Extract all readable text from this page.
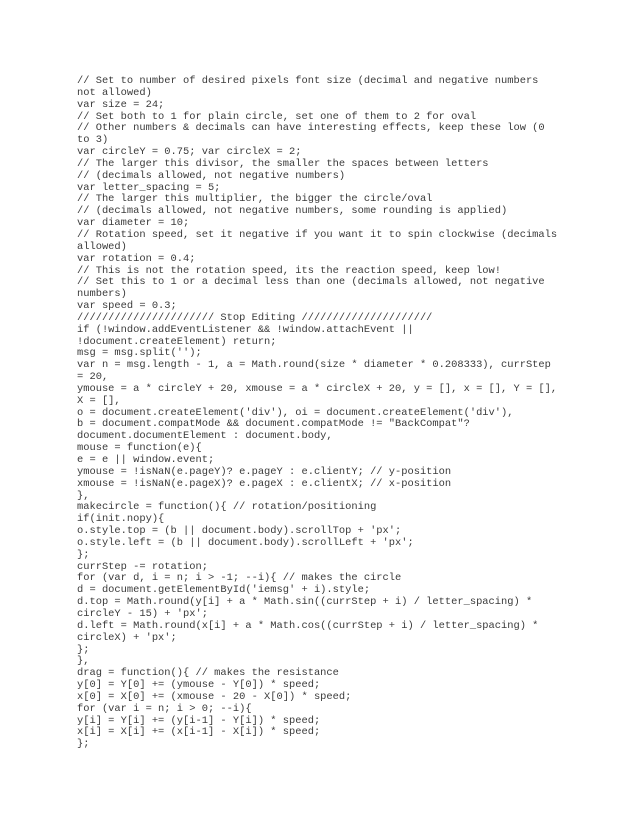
// Set to number of desired pixels font size (decimal and negative numbers
not allowed)
var size = 24;
// Set both to 1 for plain circle, set one of them to 2 for oval
// Other numbers & decimals can have interesting effects, keep these low (0
to 3)
var circleY = 0.75; var circleX = 2;
// The larger this divisor, the smaller the spaces between letters
// (decimals allowed, not negative numbers)
var letter_spacing = 5;
// The larger this multiplier, the bigger the circle/oval
// (decimals allowed, not negative numbers, some rounding is applied)
var diameter = 10;
// Rotation speed, set it negative if you want it to spin clockwise (decimals
allowed)
var rotation = 0.4;
// This is not the rotation speed, its the reaction speed, keep low!
// Set this to 1 or a decimal less than one (decimals allowed, not negative
numbers)
var speed = 0.3;
////////////////////// Stop Editing /////////////////////
if (!window.addEventListener && !window.attachEvent ||
!document.createElement) return;
msg = msg.split('');
var n = msg.length - 1, a = Math.round(size * diameter * 0.208333), currStep
= 20,
ymouse = a * circleY + 20, xmouse = a * circleX + 20, y = [], x = [], Y = [],
X = [],
o = document.createElement('div'), oi = document.createElement('div'),
b = document.compatMode && document.compatMode != "BackCompat"?
document.documentElement : document.body,
mouse = function(e){
e = e || window.event;
ymouse = !isNaN(e.pageY)? e.pageY : e.clientY; // y-position
xmouse = !isNaN(e.pageX)? e.pageX : e.clientX; // x-position
},
makecircle = function(){ // rotation/positioning
if(init.nopy){
o.style.top = (b || document.body).scrollTop + 'px';
o.style.left = (b || document.body).scrollLeft + 'px';
};
currStep -= rotation;
for (var d, i = n; i > -1; --i){ // makes the circle
d = document.getElementById('iemsg' + i).style;
d.top = Math.round(y[i] + a * Math.sin((currStep + i) / letter_spacing) *
circleY - 15) + 'px';
d.left = Math.round(x[i] + a * Math.cos((currStep + i) / letter_spacing) *
circleX) + 'px';
};
},
drag = function(){ // makes the resistance
y[0] = Y[0] += (ymouse - Y[0]) * speed;
x[0] = X[0] += (xmouse - 20 - X[0]) * speed;
for (var i = n; i > 0; --i){
y[i] = Y[i] += (y[i-1] - Y[i]) * speed;
x[i] = X[i] += (x[i-1] - X[i]) * speed;
};
